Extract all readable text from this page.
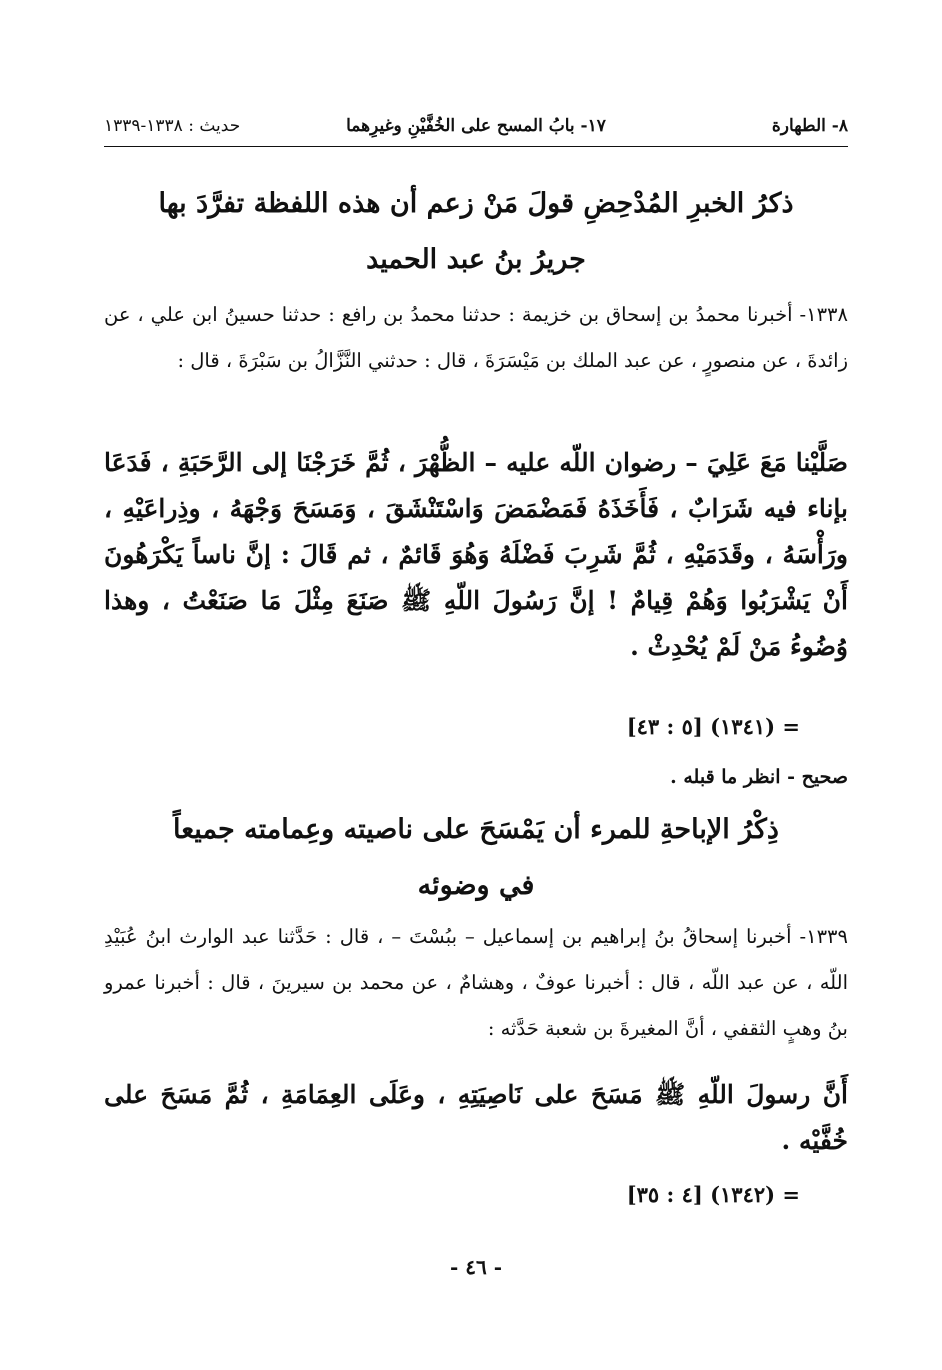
٨- الطهارة
١٧- بابُ المسح على الخُفَّيْنِ وغيرِهما
حديث : ١٣٣٨-١٣٣٩
ذكرُ الخبرِ المُدْحِضِ قولَ مَنْ زعم أن هذه اللفظة تفرَّدَ بها
جريرُ بنُ عبد الحميد
١٣٣٨- أخبرنا محمدُ بن إسحاق بن خزيمة : حدثنا محمدُ بن رافع : حدثنا حسينُ ابن علي ، عن زائدةَ ، عن منصورٍ ، عن عبد الملك بن مَيْسَرَةَ ، قال : حدثني النَّزَّالُ بن سَبْرَةَ ، قال :
صَلَّيْنا مَعَ عَلِيَ – رضوان اللّه عليه – الظُّهْرَ ، ثُمَّ خَرَجْنَا إلى الرَّحَبَةِ ، فَدَعَا بإناء فيه شَرَابٌ ، فَأَخَذَهُ فَمَضْمَضَ وَاسْتَنْشَقَ ، وَمَسَحَ وَجْهَهُ ، وذِراعَيْهِ ، ورَأْسَهُ ، وقَدَمَيْهِ ، ثُمَّ شَرِبَ فَضْلَهُ وَهُوَ قَائمٌ ، ثم قَالَ : إنَّ ناساً يَكْرَهُونَ أَنْ يَشْرَبُوا وَهُمْ قِيامٌ ! إنَّ رَسُولَ اللّهِ ﷺ صَنَعَ مِثْلَ مَا صَنَعْتُ ، وهذا وُضُوءُ مَنْ لَمْ يُحْدِثْ .
= (١٣٤١) [٥ : ٤٣]
صحيح - انظر ما قبله .
ذِكْرُ الإباحةِ للمرء أن يَمْسَحَ على ناصيته وعِمامته جميعاً
في وضوئه
١٣٣٩- أخبرنا إسحاقُ بنُ إبراهيم بن إسماعيل – ببُسْتَ – ، قال : حَدَّثنا عبد الوارث ابنُ عُبَيْدِ اللّه ، عن عبد اللّه ، قال : أخبرنا عوفٌ ، وهشامٌ ، عن محمد بن سيرينَ ، قال : أخبرنا عمرو بنُ وهبٍ الثقفي ، أنَّ المغيرةَ بن شعبة حَدَّثه :
أَنَّ رسولَ اللّهِ ﷺ مَسَحَ على نَاصِيَتِهِ ، وعَلَى العِمَامَةِ ، ثُمَّ مَسَحَ على خُفَّيْه .
= (١٣٤٢) [٤ : ٣٥]
- ٤٦ -
